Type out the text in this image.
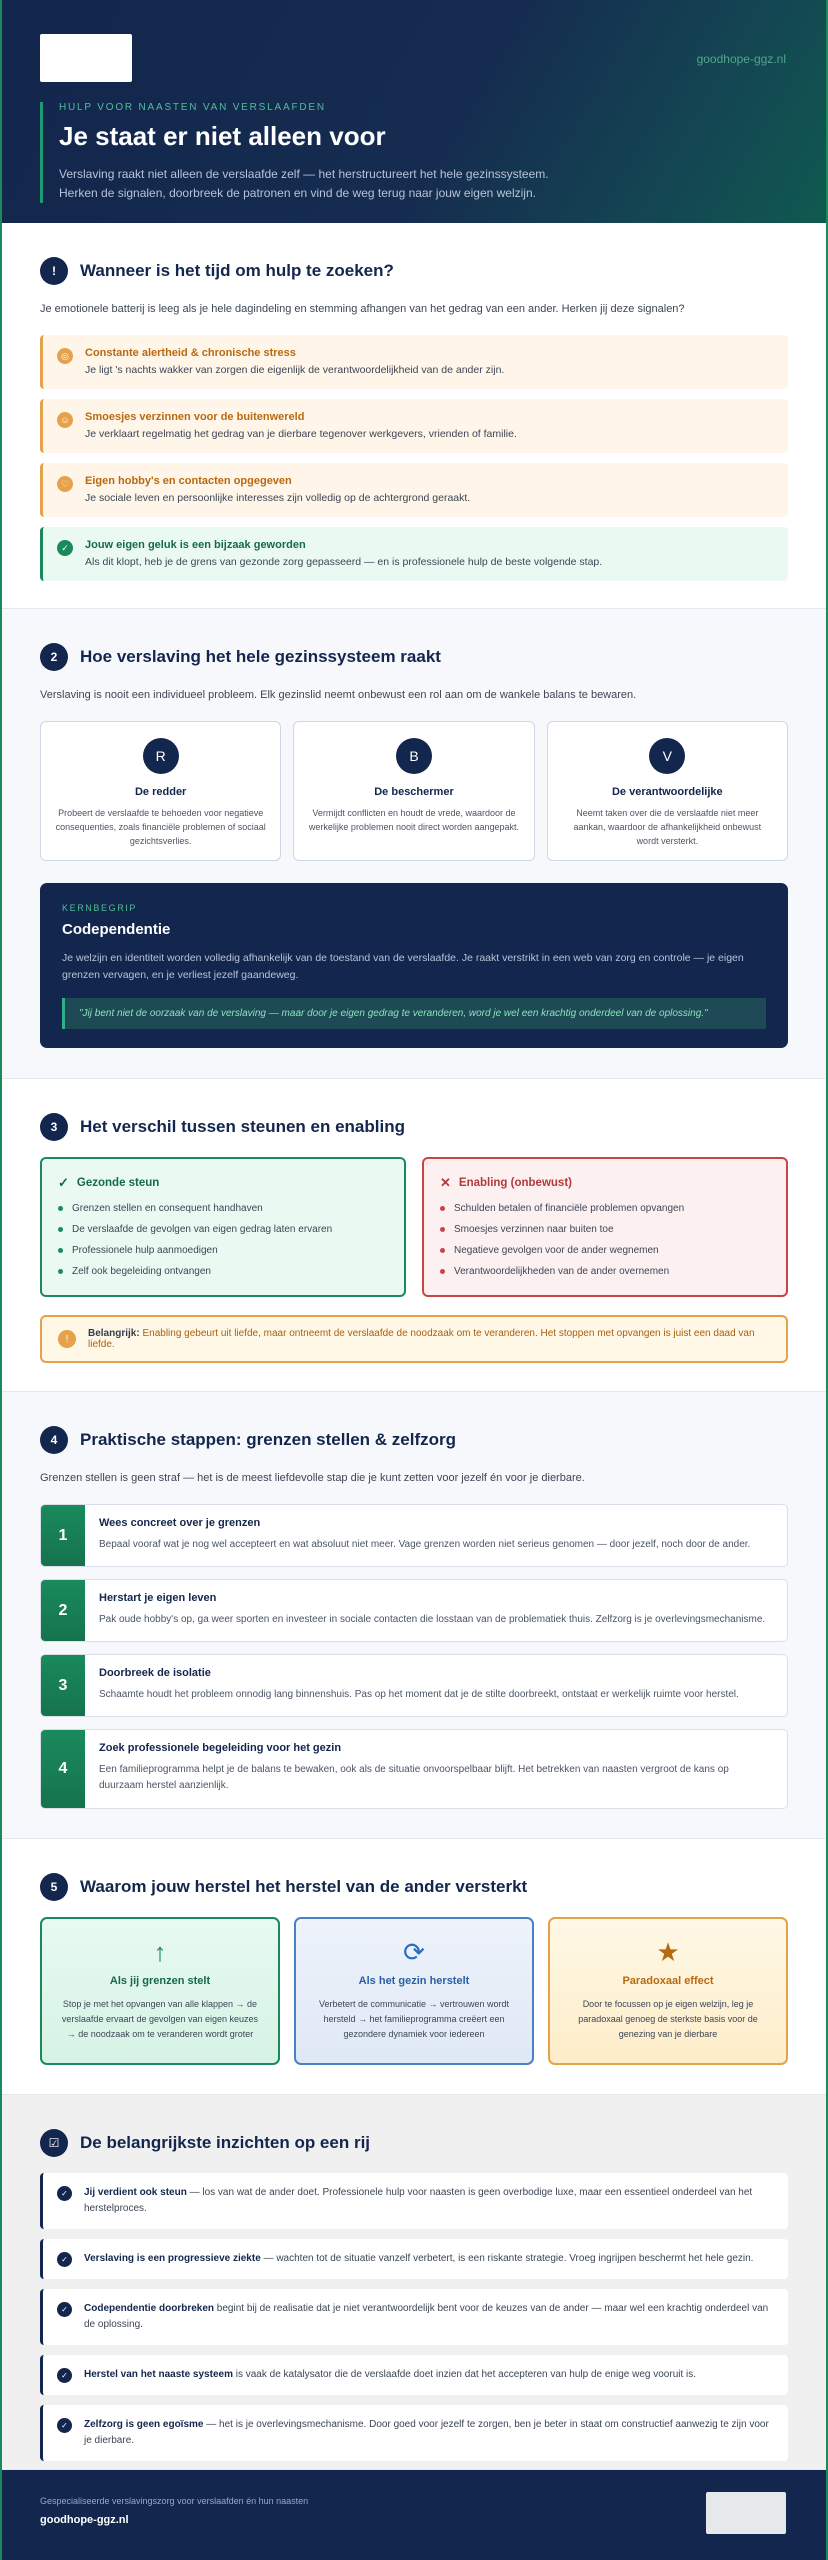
goodhope-ggz.nl
HULP VOOR NAASTEN VAN VERSLAAFDEN
Je staat er niet alleen voor

Verslaving raakt niet alleen de verslaafde zelf — het herstructureert het hele gezinssysteem.
Herken de signalen, doorbreek de patronen en vind de weg terug naar jouw eigen welzijn.

!	Wanneer is het tijd om hulp te zoeken?

Je emotionele batterij is leeg als je hele dagindeling en stemming afhangen van het gedrag van een ander. Herken jij deze signalen?

◎	Constante alertheid & chronische stress
Je ligt 's nachts wakker van zorgen die eigenlijk de verantwoordelijkheid van de ander zijn.
☺	Smoesjes verzinnen voor de buitenwereld
Je verklaart regelmatig het gedrag van je dierbare tegenover werkgevers, vrienden of familie.
♡	Eigen hobby's en contacten opgegeven
Je sociale leven en persoonlijke interesses zijn volledig op de achtergrond geraakt.
✓	Jouw eigen geluk is een bijzaak geworden
Als dit klopt, heb je de grens van gezonde zorg gepasseerd — en is professionele hulp de beste volgende stap.
2	Hoe verslaving het hele gezinssysteem raakt

Verslaving is nooit een individueel probleem. Elk gezinslid neemt onbewust een rol aan om de wankele balans te bewaren.

R
De redder
Probeert de verslaafde te behoeden voor negatieve consequenties, zoals financiële problemen of sociaal gezichtsverlies.
B
De beschermer
Vermijdt conflicten en houdt de vrede, waardoor de werkelijke problemen nooit direct worden aangepakt.
V
De verantwoordelijke
Neemt taken over die de verslaafde niet meer aankan, waardoor de afhankelijkheid onbewust wordt versterkt.
KERNBEGRIP
Codependentie
Je welzijn en identiteit worden volledig afhankelijk van de toestand van de verslaafde. Je raakt verstrikt in een web van zorg en controle — je eigen grenzen vervagen, en je verliest jezelf gaandeweg.
"Jij bent niet de oorzaak van de verslaving — maar door je eigen gedrag te veranderen, word je wel een krachtig onderdeel van de oplossing."
3	Het verschil tussen steunen en enabling
✓ Gezonde steun
Grenzen stellen en consequent handhaven
De verslaafde de gevolgen van eigen gedrag laten ervaren
Professionele hulp aanmoedigen
Zelf ook begeleiding ontvangen
✕ Enabling (onbewust)
Schulden betalen of financiële problemen opvangen
Smoesjes verzinnen naar buiten toe
Negatieve gevolgen voor de ander wegnemen
Verantwoordelijkheden van de ander overnemen
!	Belangrijk: Enabling gebeurt uit liefde, maar ontneemt de verslaafde de noodzaak om te veranderen. Het stoppen met opvangen is juist een daad van liefde.
4	Praktische stappen: grenzen stellen & zelfzorg

Grenzen stellen is geen straf — het is de meest liefdevolle stap die je kunt zetten voor jezelf én voor je dierbare.

1
Wees concreet over je grenzen
Bepaal vooraf wat je nog wel accepteert en wat absoluut niet meer. Vage grenzen worden niet serieus genomen — door jezelf, noch door de ander.
2
Herstart je eigen leven
Pak oude hobby's op, ga weer sporten en investeer in sociale contacten die losstaan van de problematiek thuis. Zelfzorg is je overlevingsmechanisme.
3
Doorbreek de isolatie
Schaamte houdt het probleem onnodig lang binnenshuis. Pas op het moment dat je de stilte doorbreekt, ontstaat er werkelijk ruimte voor herstel.
4
Zoek professionele begeleiding voor het gezin
Een familieprogramma helpt je de balans te bewaken, ook als de situatie onvoorspelbaar blijft. Het betrekken van naasten vergroot de kans op duurzaam herstel aanzienlijk.
5	Waarom jouw herstel het herstel van de ander versterkt
↑
Als jij grenzen stelt
Stop je met het opvangen van alle klappen → de verslaafde ervaart de gevolgen van eigen keuzes → de noodzaak om te veranderen wordt groter
⟳
Als het gezin herstelt
Verbetert de communicatie → vertrouwen wordt hersteld → het familieprogramma creëert een gezondere dynamiek voor iedereen
★
Paradoxaal effect
Door te focussen op je eigen welzijn, leg je paradoxaal genoeg de sterkste basis voor de genezing van je dierbare
☑	De belangrijkste inzichten op een rij
✓	Jij verdient ook steun — los van wat de ander doet. Professionele hulp voor naasten is geen overbodige luxe, maar een essentieel onderdeel van het herstelproces.
✓	Verslaving is een progressieve ziekte — wachten tot de situatie vanzelf verbetert, is een riskante strategie. Vroeg ingrijpen beschermt het hele gezin.
✓	Codependentie doorbreken begint bij de realisatie dat je niet verantwoordelijk bent voor de keuzes van de ander — maar wel een krachtig onderdeel van de oplossing.
✓	Herstel van het naaste systeem is vaak de katalysator die de verslaafde doet inzien dat het accepteren van hulp de enige weg vooruit is.
✓	Zelfzorg is geen egoïsme — het is je overlevingsmechanisme. Door goed voor jezelf te zorgen, ben je beter in staat om constructief aanwezig te zijn voor je dierbare.
Gespecialiseerde verslavingszorg voor verslaafden én hun naasten
goodhope-ggz.nl
